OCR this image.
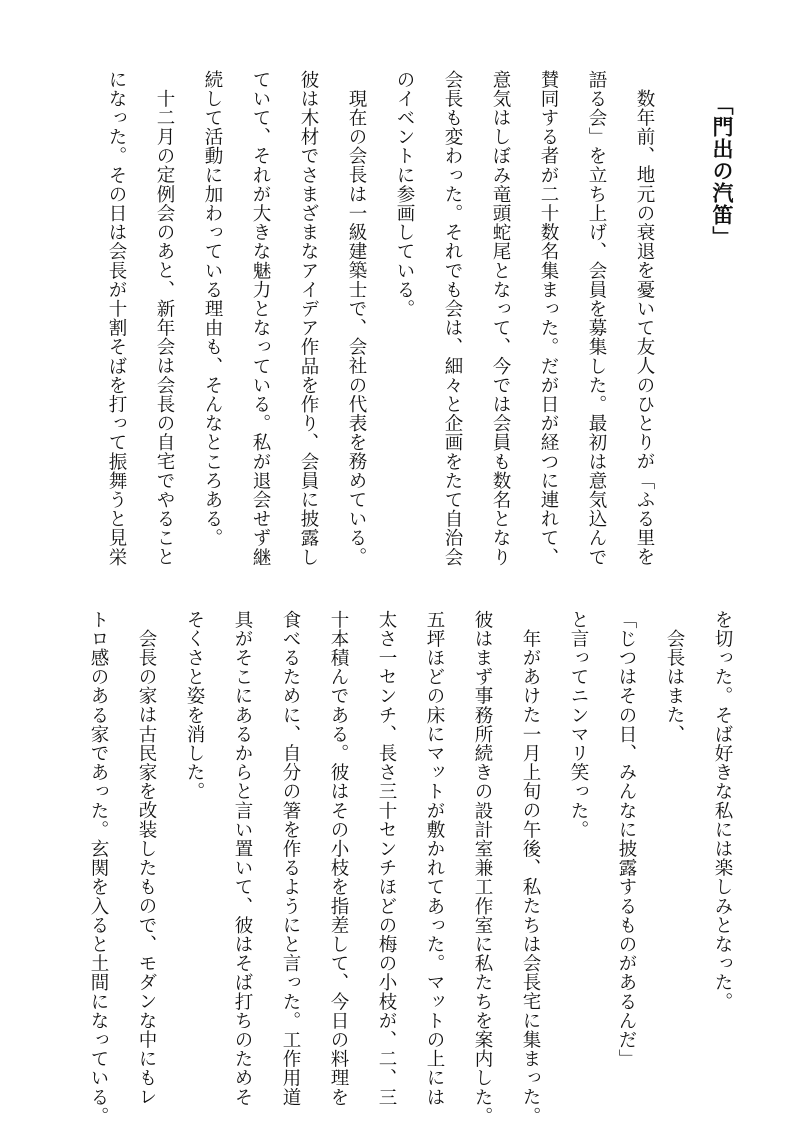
「門出の汽笛」
数年前、地元の衰退を憂いて友人のひとりが「ふる里を
語る会」を立ち上げ、会員を募集した。最初は意気込んで
賛同する者が二十数名集まった。だが日が経つに連れて、
意気はしぼみ竜頭蛇尾となって、今では会員も数名となり
会長も変わった。それでも会は、細々と企画をたて自治会
のイベントに参画している。
現在の会長は一級建築士で、会社の代表を務めている。
彼は木材でさまざまなアイデア作品を作り、会員に披露し
ていて、それが大きな魅力となっている。私が退会せず継
続して活動に加わっている理由も、そんなところある。
十二月の定例会のあと、新年会は会長の自宅でやること
になった。その日は会長が十割そばを打って振舞うと見栄
を切った。そば好きな私には楽しみとなった。
会長はまた、
「じつはその日、みんなに披露するものがあるんだ」
と言ってニンマリ笑った。
年があけた一月上旬の午後、私たちは会長宅に集まった。
彼はまず事務所続きの設計室兼工作室に私たちを案内した。
五坪ほどの床にマットが敷かれてあった。マットの上には
太さ一センチ、長さ三十センチほどの梅の小枝が、二、三
十本積んである。彼はその小枝を指差して、今日の料理を
食べるために、自分の箸を作るようにと言った。工作用道
具がそこにあるからと言い置いて、彼はそば打ちのためそ
そくさと姿を消した。
会長の家は古民家を改装したもので、モダンな中にもレ
トロ感のある家であった。玄関を入ると土間になっている。
